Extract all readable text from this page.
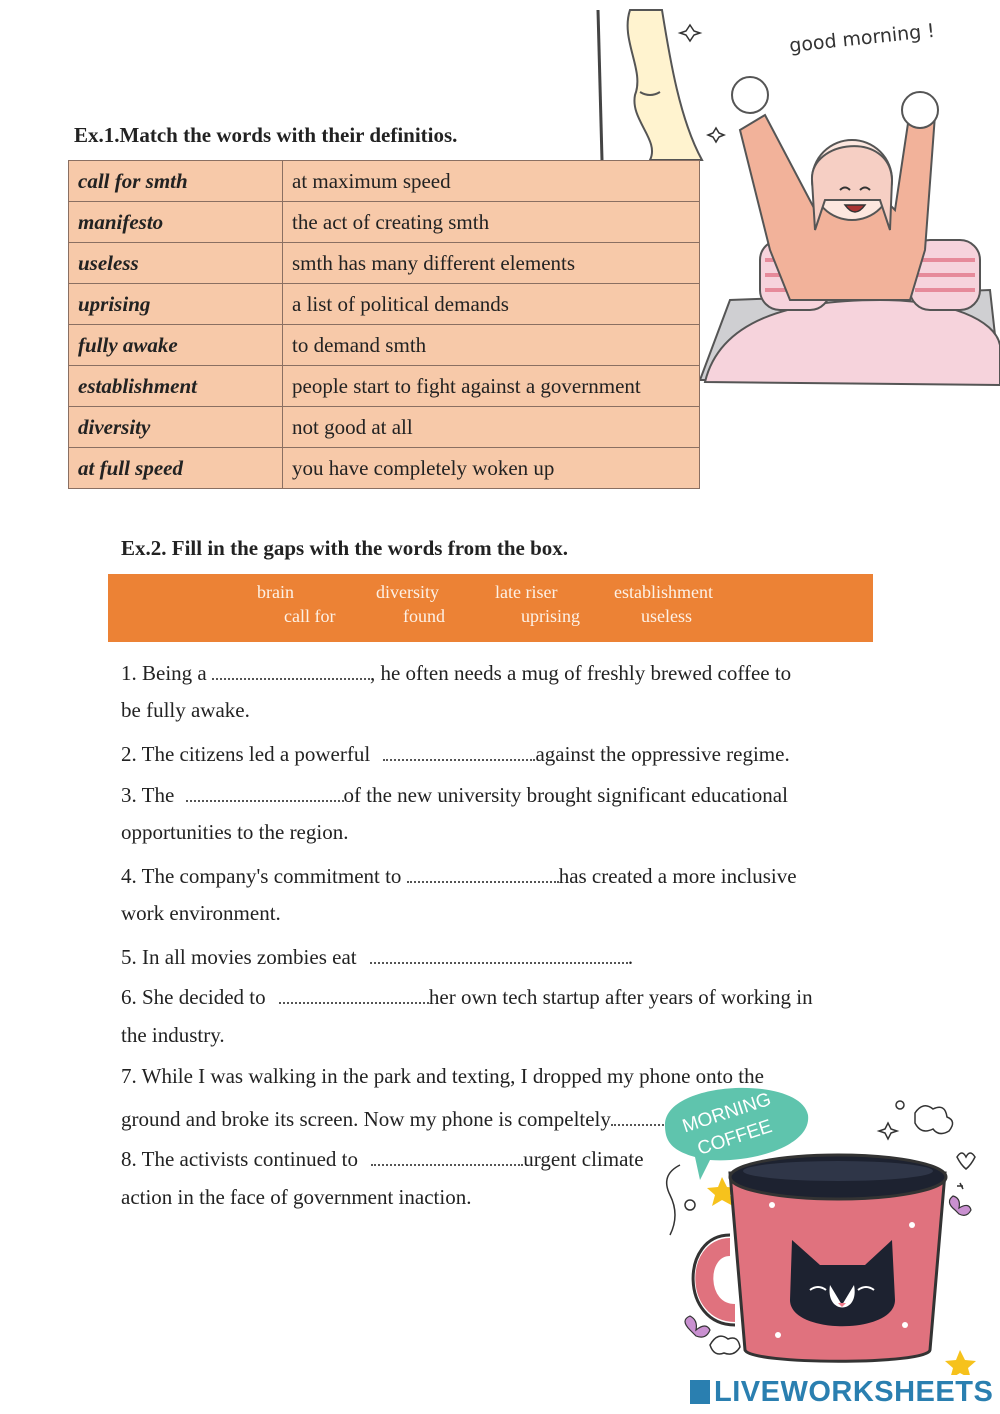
good morning !
Ex.1.Match the words with their definitios.
call for smth	at maximum speed
manifesto	the act of creating smth
useless	smth has many different elements
uprising	a list of political demands
fully awake	to demand smth
establishment	people start to fight against a government
diversity	not good at all
at full speed	you have completely woken up
Ex.2. Fill in the gaps with the words from the box.
brain	diversity	late riser	establishment
call for	found	uprising	useless
1. Being a	, he often needs a mug of freshly brewed coffee to
be fully awake.
2. The citizens led a powerful	against the oppressive regime.
3. The	of the new university brought significant educational
opportunities to the region.
4. The company's commitment to	has created a more inclusive
work environment.
5. In all movies zombies eat	.
6. She decided to	her own tech startup after years of working in
the industry.
7. While I was walking in the park and texting, I dropped my phone onto the
ground and broke its screen. Now my phone is compeltely
8. The activists continued to	urgent climate
action in the face of government inaction.
MORNING COFFEE
LIVEWORKSHEETS
